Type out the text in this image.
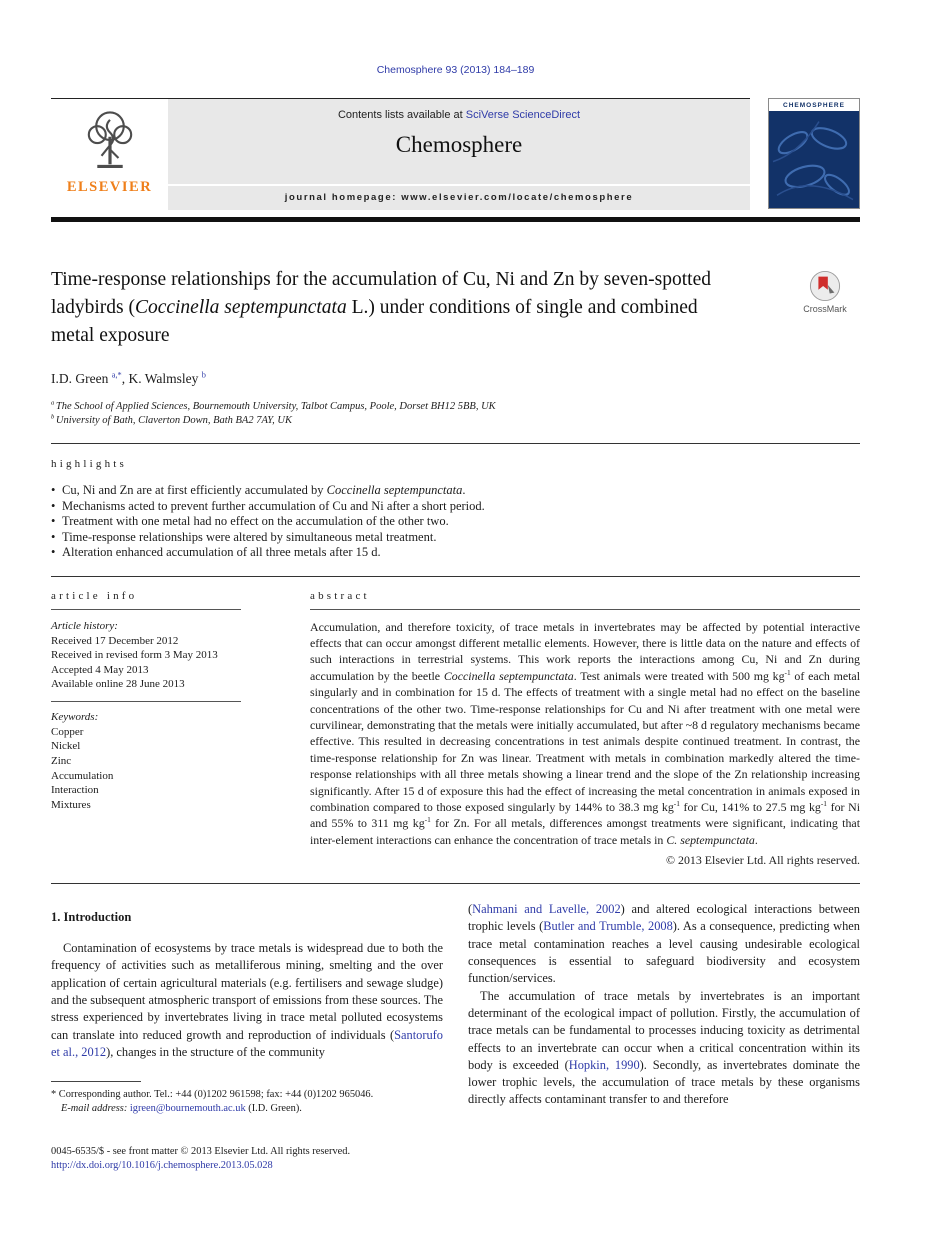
Chemosphere 93 (2013) 184–189
ELSEVIER
Contents lists available at SciVerse ScienceDirect
Chemosphere
journal homepage: www.elsevier.com/locate/chemosphere
CHEMOSPHERE
Time-response relationships for the accumulation of Cu, Ni and Zn by seven-spotted ladybirds (Coccinella septempunctata L.) under conditions of single and combined metal exposure
CrossMark
I.D. Green $^{a,*}$, K. Walmsley $^b$
$^a$ The School of Applied Sciences, Bournemouth University, Talbot Campus, Poole, Dorset BH12 5BB, UK
$^b$ University of Bath, Claverton Down, Bath BA2 7AY, UK
highlights
• Cu, Ni and Zn are at first efficiently accumulated by Coccinella septempunctata.
• Mechanisms acted to prevent further accumulation of Cu and Ni after a short period.
• Treatment with one metal had no effect on the accumulation of the other two.
• Time-response relationships were altered by simultaneous metal treatment.
• Alteration enhanced accumulation of all three metals after 15 d.
article info
Article history:
Received 17 December 2012
Received in revised form 3 May 2013
Accepted 4 May 2013
Available online 28 June 2013
Keywords:
Copper
Nickel
Zinc
Accumulation
Interaction
Mixtures
abstract

Accumulation, and therefore toxicity, of trace metals in invertebrates may be affected by potential interactive effects that can occur amongst different metallic elements. However, there is little data on the nature and effects of such interactions in terrestrial systems. This work reports the interactions among Cu, Ni and Zn during accumulation by the beetle Coccinella septempunctata. Test animals were treated with 500 mg $kg^{-1}$ of each metal singularly and in combination for 15 d. The effects of treatment with a single metal had no effect on the baseline concentrations of the other two. Time-response relationships for Cu and Ni after treatment with one metal were curvilinear, demonstrating that the metals were initially accumulated, but after ~8 d regulatory mechanisms became effective. This resulted in decreasing concentrations in test animals despite continued treatment. In contrast, the time-response relationship for Zn was linear. Treatment with metals in combination markedly altered the time-response relationships with all three metals showing a linear trend and the slope of the Zn relationship increasing significantly. After 15 d of exposure this had the effect of increasing the metal concentration in animals exposed in combination compared to those exposed singularly by 144% to 38.3 mg $kg^{-1}$ for Cu, 141% to 27.5 mg $kg^{-1}$ for Ni and 55% to 311 mg $kg^{-1}$ for Zn. For all metals, differences amongst treatments were significant, indicating that inter-element interactions can enhance the concentration of trace metals in C. septempunctata.

© 2013 Elsevier Ltd. All rights reserved.
1. Introduction

Contamination of ecosystems by trace metals is widespread due to both the frequency of activities such as metalliferous mining, smelting and the over application of certain agricultural materials (e.g. fertilisers and sewage sludge) and the subsequent atmospheric transport of emissions from these sources. The stress experienced by invertebrates living in trace metal polluted ecosystems can translate into reduced growth and reproduction of individuals (Santorufo et al., 2012), changes in the structure of the community

* Corresponding author. Tel.: +44 (0)1202 961598; fax: +44 (0)1202 965046.
E-mail address: igreen@bournemouth.ac.uk (I.D. Green).

(Nahmani and Lavelle, 2002) and altered ecological interactions between trophic levels (Butler and Trumble, 2008). As a consequence, predicting when trace metal contamination reaches a level causing undesirable ecological consequences is essential to safeguard biodiversity and ecosystem function/services.

The accumulation of trace metals by invertebrates is an important determinant of the ecological impact of pollution. Firstly, the accumulation of trace metals can be fundamental to processes inducing toxicity as detrimental effects to an invertebrate can occur when a critical concentration within its body is exceeded (Hopkin, 1990). Secondly, as invertebrates dominate the lower trophic levels, the accumulation of trace metals by these organisms directly affects contaminant transfer to and therefore

0045-6535/$ - see front matter © 2013 Elsevier Ltd. All rights reserved.
http://dx.doi.org/10.1016/j.chemosphere.2013.05.028
